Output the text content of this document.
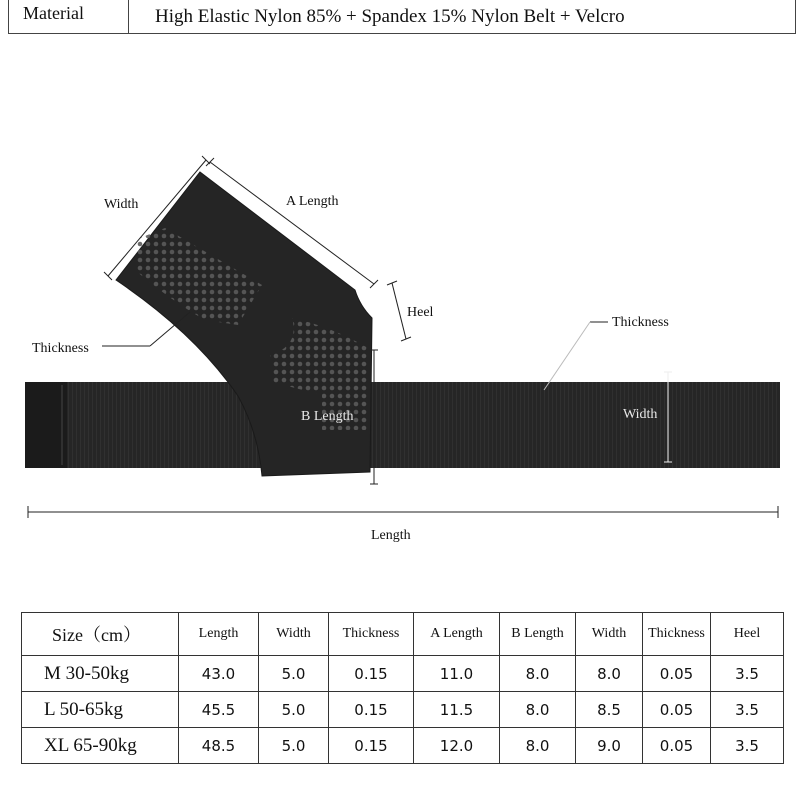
Material	High Elastic Nylon 85% + Spandex 15% Nylon Belt + Velcro
Width	A Length
Heel
Thickness
Thickness
B Length	Width
Length
Size（cm）	Length	Width	Thickness	A Length	B Length	Width	Thickness	Heel
M 30-50kg	43.0	5.0	0.15	11.0	8.0	8.0	0.05	3.5
L 50-65kg	45.5	5.0	0.15	11.5	8.0	8.5	0.05	3.5
XL 65-90kg	48.5	5.0	0.15	12.0	8.0	9.0	0.05	3.5
